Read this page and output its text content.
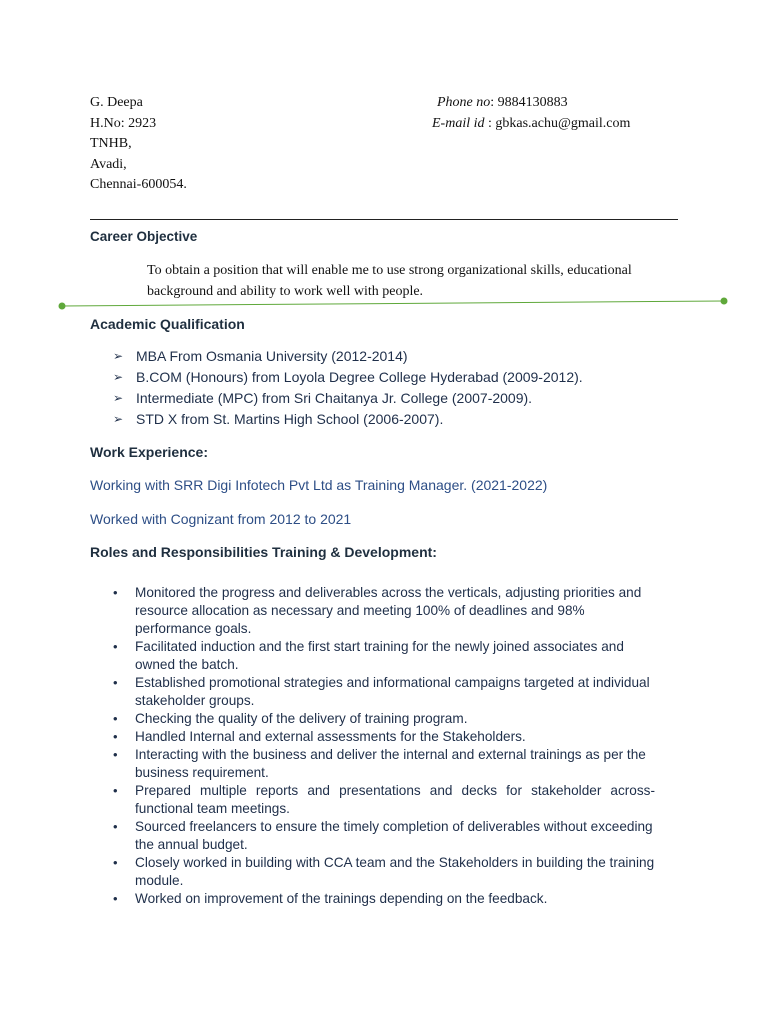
G. Deepa
H.No: 2923
TNHB,
Avadi,
Chennai-600054.
Phone no: 9884130883
E-mail id : gbkas.achu@gmail.com
Career Objective
To obtain a position that will enable me to use strong organizational skills, educational background and ability to work well with people.
Academic Qualification
➢ MBA From Osmania University (2012-2014)
➢ B.COM (Honours) from Loyola Degree College Hyderabad (2009-2012).
➢ Intermediate (MPC) from Sri Chaitanya Jr. College (2007-2009).
➢ STD X from St. Martins High School (2006-2007).
Work Experience:
Working with SRR Digi Infotech Pvt Ltd as Training Manager. (2021-2022)
Worked with Cognizant from 2012 to 2021
Roles and Responsibilities Training & Development:
• Monitored the progress and deliverables across the verticals, adjusting priorities and resource allocation as necessary and meeting 100% of deadlines and 98% performance goals.
• Facilitated induction and the first start training for the newly joined associates and owned the batch.
• Established promotional strategies and informational campaigns targeted at individual stakeholder groups.
• Checking the quality of the delivery of training program.
• Handled Internal and external assessments for the Stakeholders.
• Interacting with the business and deliver the internal and external trainings as per the business requirement.
• Prepared multiple reports and presentations and decks for stakeholder across-functional team meetings.
• Sourced freelancers to ensure the timely completion of deliverables without exceeding the annual budget.
• Closely worked in building with CCA team and the Stakeholders in building the training module.
• Worked on improvement of the trainings depending on the feedback.
